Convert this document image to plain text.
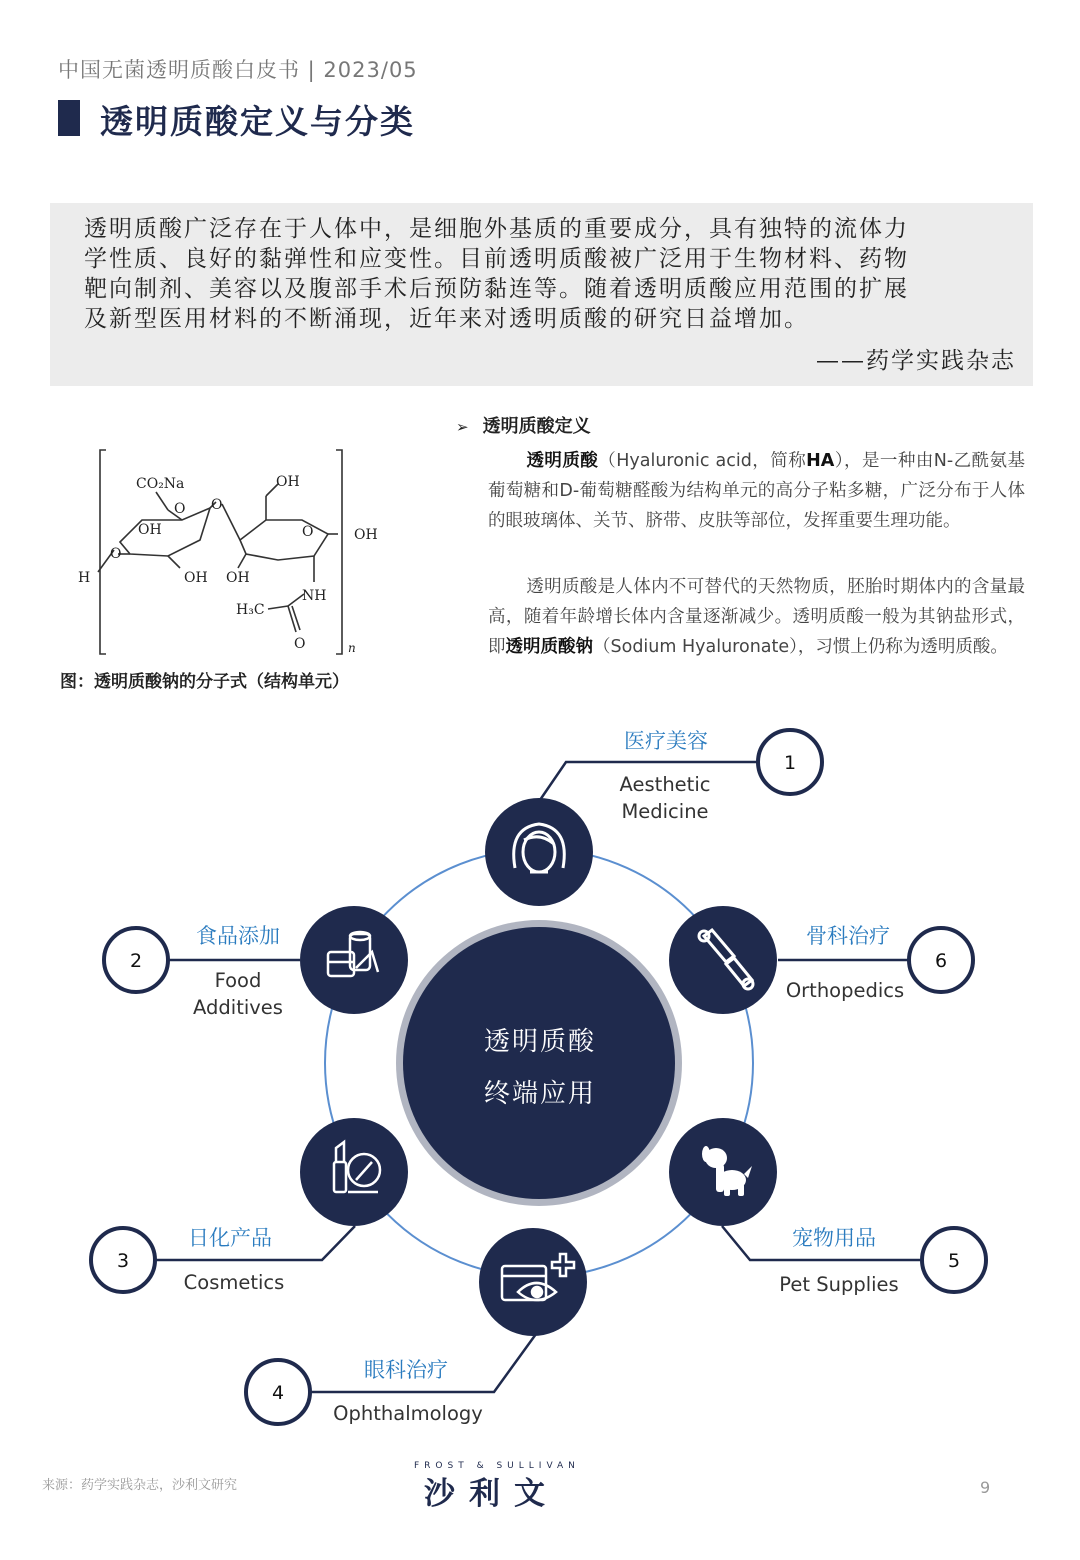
中国无菌透明质酸白皮书 | 2023/05
透明质酸定义与分类
透明质酸广泛存在于人体中，是细胞外基质的重要成分，具有独特的流体力
学性质、良好的黏弹性和应变性。目前透明质酸被广泛用于生物材料、药物
靶向制剂、美容以及腹部手术后预防黏连等。随着透明质酸应用范围的扩展
及新型医用材料的不断涌现，近年来对透明质酸的研究日益增加。
——药学实践杂志
CO₂Na
O
OH
O
H	OH
O
OH
OH
O	OH
NH
H₃C
O	n
图：透明质酸钠的分子式（结构单元）
➢ 透明质酸定义
透明质酸（Hyaluronic acid，简称HA），是一种由N-乙酰氨基葡萄糖和D-葡萄糖醛酸为结构单元的高分子粘多糖，广泛分布于人体的眼玻璃体、关节、脐带、皮肤等部位，发挥重要生理功能。
透明质酸是人体内不可替代的天然物质，胚胎时期体内的含量最高，随着年龄增长体内含量逐渐减少。透明质酸一般为其钠盐形式，即透明质酸钠（Sodium Hyaluronate），习惯上仍称为透明质酸。
1
2
3
4
5
6
医疗美容
食品添加
日化产品
眼科治疗
宠物用品
骨科治疗
Aesthetic Medicine
Food Additives
Cosmetics
Ophthalmology
Pet Supplies
Orthopedics
透明质酸
终端应用
来源：药学实践杂志，沙利文研究
FROST & SULLIVAN
沙利文	9
